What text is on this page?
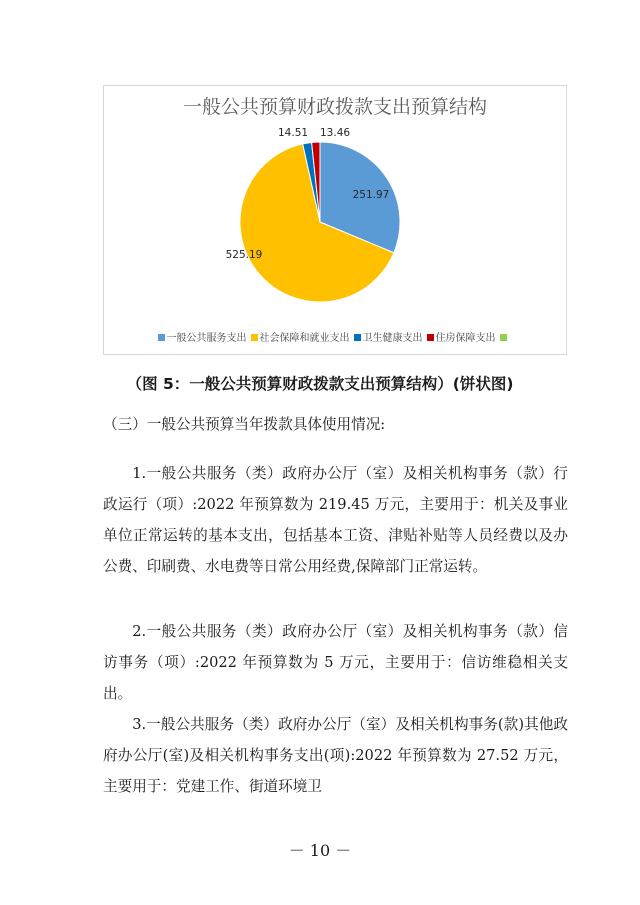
一般公共预算财政拨款支出预算结构
251.97
525.19
14.51 13.46
一般公共服务支出 社会保障和就业支出 卫生健康支出 住房保障支出
（图 5：一般公共预算财政拨款支出预算结构）(饼状图)

（三）一般公共预算当年拨款具体使用情况:

1.一般公共服务（类）政府办公厅（室）及相关机构事务（款）行政运行（项）:2022 年预算数为 219.45 万元，主要用于：机关及事业单位正常运转的基本支出，包括基本工资、津贴补贴等人员经费以及办公费、印刷费、水电费等日常公用经费,保障部门正常运转。

2.一般公共服务（类）政府办公厅（室）及相关机构事务（款）信访事务（项）:2022 年预算数为 5 万元，主要用于：信访维稳相关支出。

3.一般公共服务（类）政府办公厅（室）及相关机构事务(款)其他政府办公厅(室)及相关机构事务支出(项):2022 年预算数为 27.52 万元，主要用于：党建工作、街道环境卫

－ 10 －
